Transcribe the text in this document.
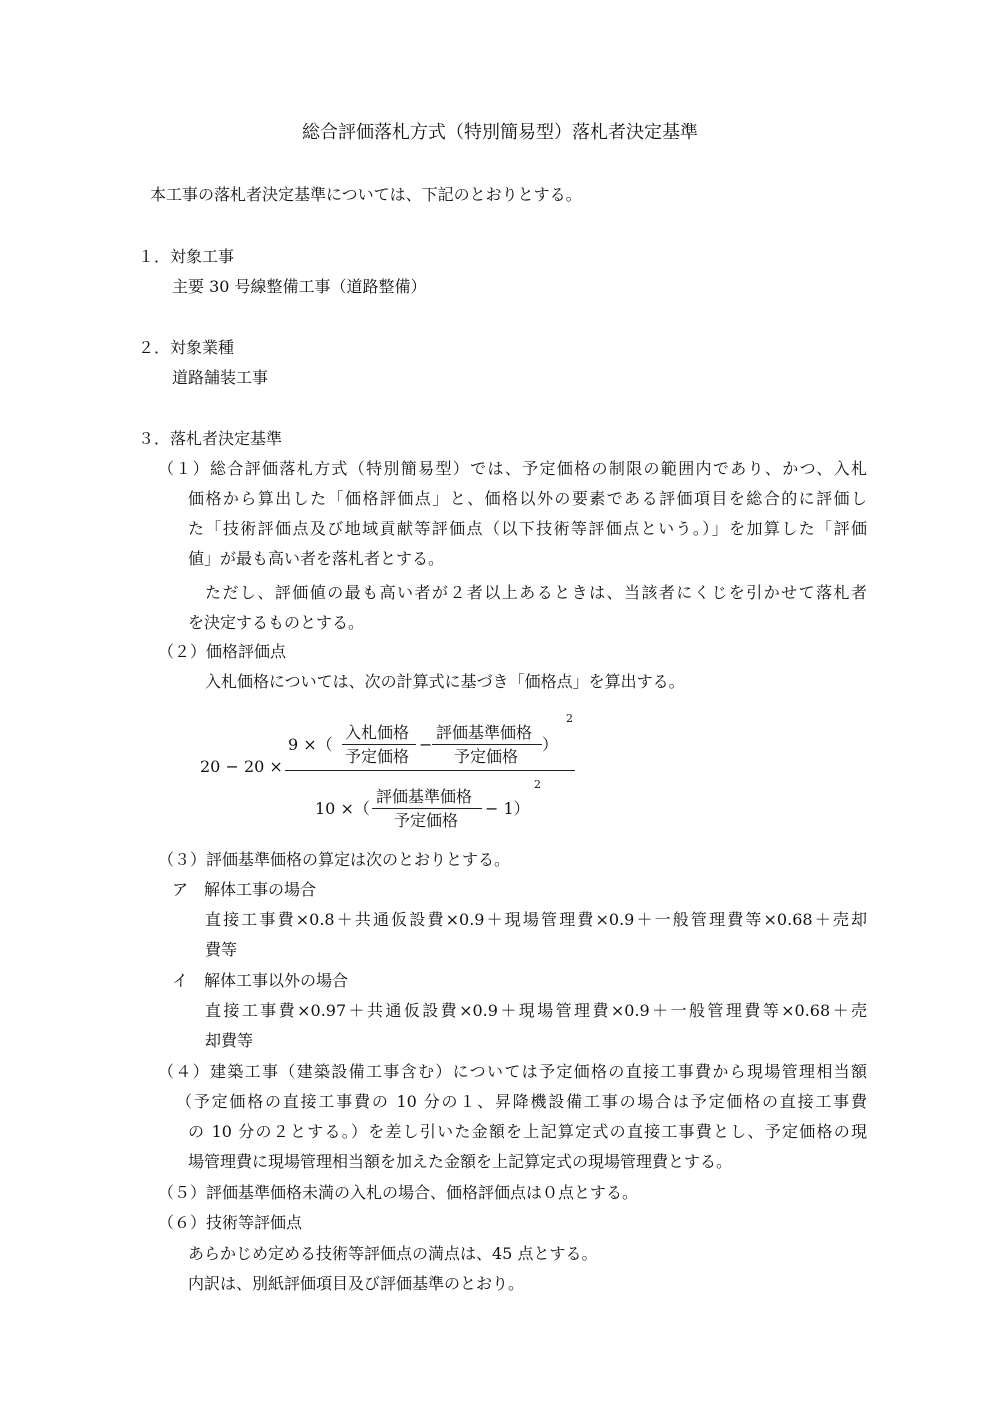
総合評価落札方式（特別簡易型）落札者決定基準
本工事の落札者決定基準については、下記のとおりとする。
１．対象工事
主要 30 号線整備工事（道路整備）
２．対象業種
道路舗装工事
３．落札者決定基準
（１）総合評価落札方式（特別簡易型）では、予定価格の制限の範囲内であり、かつ、入札
価格から算出した「価格評価点」と、価格以外の要素である評価項目を総合的に評価し
た「技術評価点及び地域貢献等評価点（以下技術等評価点という。）」を加算した「評価
値」が最も高い者を落札者とする。
ただし、評価値の最も高い者が２者以上あるときは、当該者にくじを引かせて落札者
を決定するものとする。
（２）価格評価点
入札価格については、次の計算式に基づき「価格点」を算出する。
20 − 20 ×
9 ×（
入札価格
予定価格
−
評価基準価格
予定価格
）
2
10 ×（
評価基準価格
予定価格
− 1）
2
（３）評価基準価格の算定は次のとおりとする。
ア　解体工事の場合
直接工事費×0.8＋共通仮設費×0.9＋現場管理費×0.9＋一般管理費等×0.68＋売却
費等
イ　解体工事以外の場合
直接工事費×0.97＋共通仮設費×0.9＋現場管理費×0.9＋一般管理費等×0.68＋売
却費等
（４）建築工事（建築設備工事含む）については予定価格の直接工事費から現場管理相当額
（予定価格の直接工事費の 10 分の１、昇降機設備工事の場合は予定価格の直接工事費
の 10 分の２とする。）を差し引いた金額を上記算定式の直接工事費とし、予定価格の現
場管理費に現場管理相当額を加えた金額を上記算定式の現場管理費とする。
（５）評価基準価格未満の入札の場合、価格評価点は０点とする。
（６）技術等評価点
あらかじめ定める技術等評価点の満点は、45 点とする。
内訳は、別紙評価項目及び評価基準のとおり。
